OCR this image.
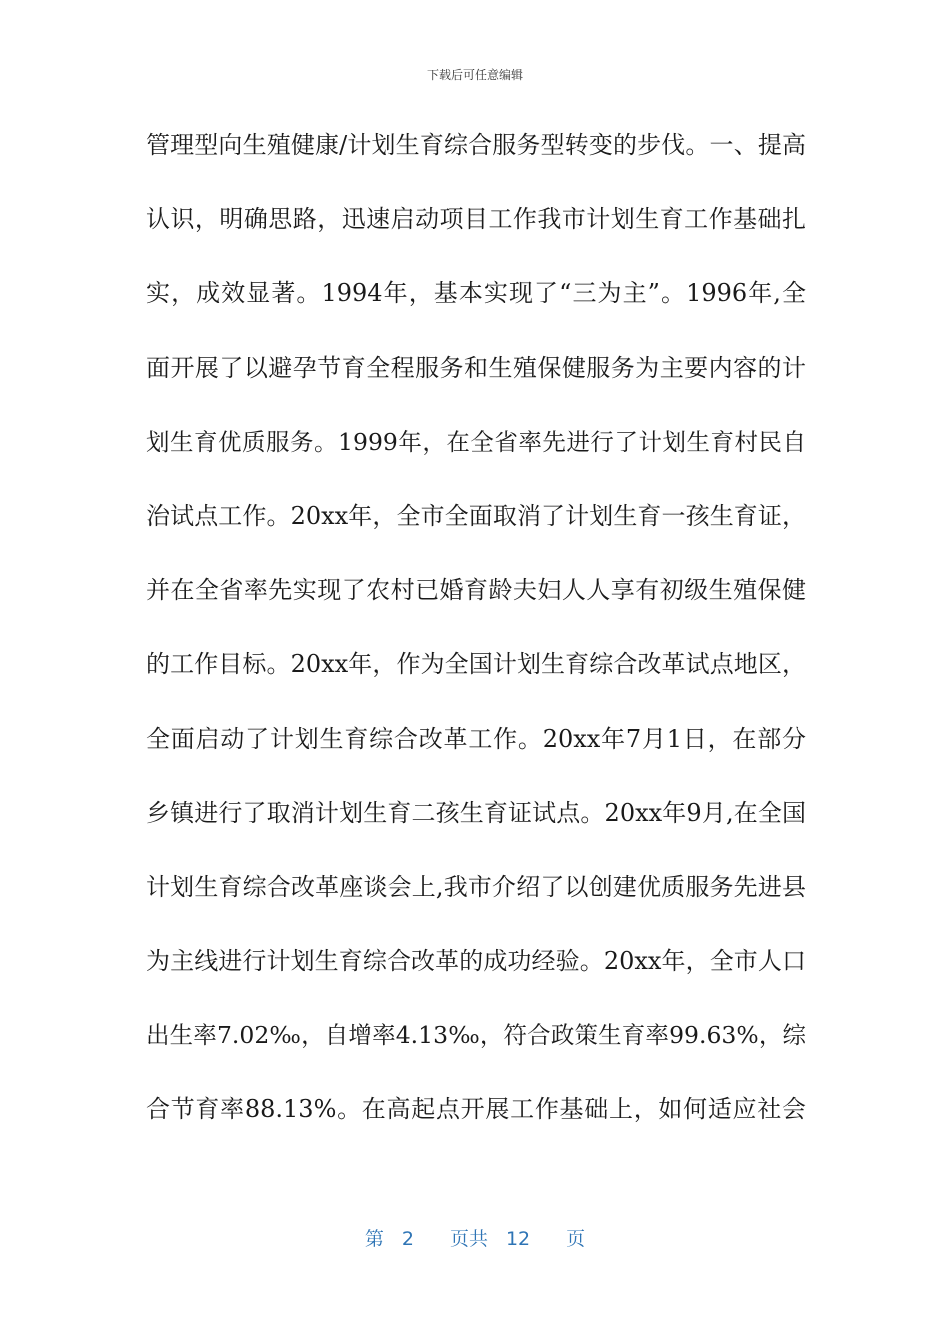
下载后可任意编辑
管理型向生殖健康/计划生育综合服务型转变的步伐。一、提高
认识，明确思路，迅速启动项目工作我市计划生育工作基础扎
实，成效显著。1994年，基本实现了“三为主”。1996年,全
面开展了以避孕节育全程服务和生殖保健服务为主要内容的计
划生育优质服务。1999年，在全省率先进行了计划生育村民自
治试点工作。20xx年，全市全面取消了计划生育一孩生育证，
并在全省率先实现了农村已婚育龄夫妇人人享有初级生殖保健
的工作目标。20xx年，作为全国计划生育综合改革试点地区，
全面启动了计划生育综合改革工作。20xx年7月1日，在部分
乡镇进行了取消计划生育二孩生育证试点。20xx年9月,在全国
计划生育综合改革座谈会上,我市介绍了以创建优质服务先进县
为主线进行计划生育综合改革的成功经验。20xx年，全市人口
出生率7.02‰，自增率4.13‰，符合政策生育率99.63%，综
合节育率88.13%。在高起点开展工作基础上，如何适应社会
第 2 页共 12 页
